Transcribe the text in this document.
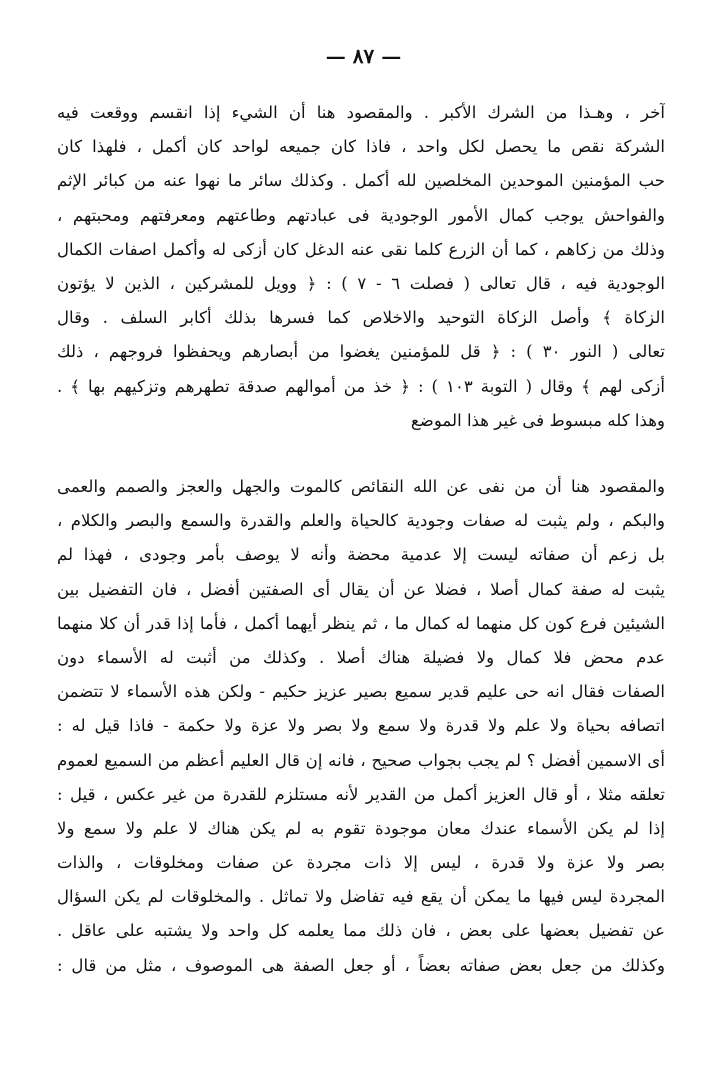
— ٨٧ —
آخر ، وهـذا من الشرك الأكبر . والمقصود هنا أن الشيء إذا انقسم ووقعت فيه
الشركة نقص ما يحصل لكل واحد ، فاذا كان جميعه لواحد كان أكمل ، فلهذا كان
حب المؤمنين الموحدين المخلصين لله أكمل . وكذلك سائر ما نهوا عنه من كبائر الإثم
والفواحش يوجب كمال الأمور الوجودية فى عبادتهم وطاعتهم ومعرفتهم ومحبتهم ،
وذلك من زكاهم ، كما أن الزرع كلما نقى عنه الدغل كان أزكى له وأكمل اصفات الكمال
الوجودية فيه ، قال تعالى ( فصلت ٦ - ٧ ) : ﴿ وويل للمشركين ، الذين لا يؤتون
الزكاة ﴾ وأصل الزكاة التوحيد والاخلاص كما فسرها بذلك أكابر السلف . وقال
تعالى ( النور ٣٠ ) : ﴿ قل للمؤمنين يغضوا من أبصارهم ويحفظوا فروجهم ، ذلك
أزكى لهم ﴾ وقال ( التوبة ١٠٣ ) : ﴿ خذ من أموالهم صدقة تطهرهم وتزكيهم بها ﴾ .
وهذا كله مبسوط فى غير هذا الموضع
والمقصود هنا أن من نفى عن الله النقائص كالموت والجهل والعجز والصمم والعمى
والبكم ، ولم يثبت له صفات وجودية كالحياة والعلم والقدرة والسمع والبصر والكلام ،
بل زعم أن صفاته ليست إلا عدمية محضة وأنه لا يوصف بأمر وجودى ، فهذا لم
يثبت له صفة كمال أصلا ، فضلا عن أن يقال أى الصفتين أفضل ، فان التفضيل بين
الشيئين فرع كون كل منهما له كمال ما ، ثم ينظر أيهما أكمل ، فأما إذا قدر أن كلا منهما
عدم محض فلا كمال ولا فضيلة هناك أصلا . وكذلك من أثبت له الأسماء دون
الصفات فقال انه حى عليم قدير سميع بصير عزيز حكيم - ولكن هذه الأسماء لا تتضمن
اتصافه بحياة ولا علم ولا قدرة ولا سمع ولا بصر ولا عزة ولا حكمة - فاذا قيل له :
أى الاسمين أفضل ؟ لم يجب بجواب صحيح ، فانه إن قال العليم أعظم من السميع لعموم
تعلقه مثلا ، أو قال العزيز أكمل من القدير لأنه مستلزم للقدرة من غير عكس ، قيل :
إذا لم يكن الأسماء عندك معان موجودة تقوم به لم يكن هناك لا علم ولا سمع ولا
بصر ولا عزة ولا قدرة ، ليس إلا ذات مجردة عن صفات ومخلوقات ، والذات
المجردة ليس فيها ما يمكن أن يقع فيه تفاضل ولا تماثل . والمخلوقات لم يكن السؤال
عن تفضيل بعضها على بعض ، فان ذلك مما يعلمه كل واحد ولا يشتبه على عاقل .
وكذلك من جعل بعض صفاته بعضاً ، أو جعل الصفة هى الموصوف ، مثل من قال :
